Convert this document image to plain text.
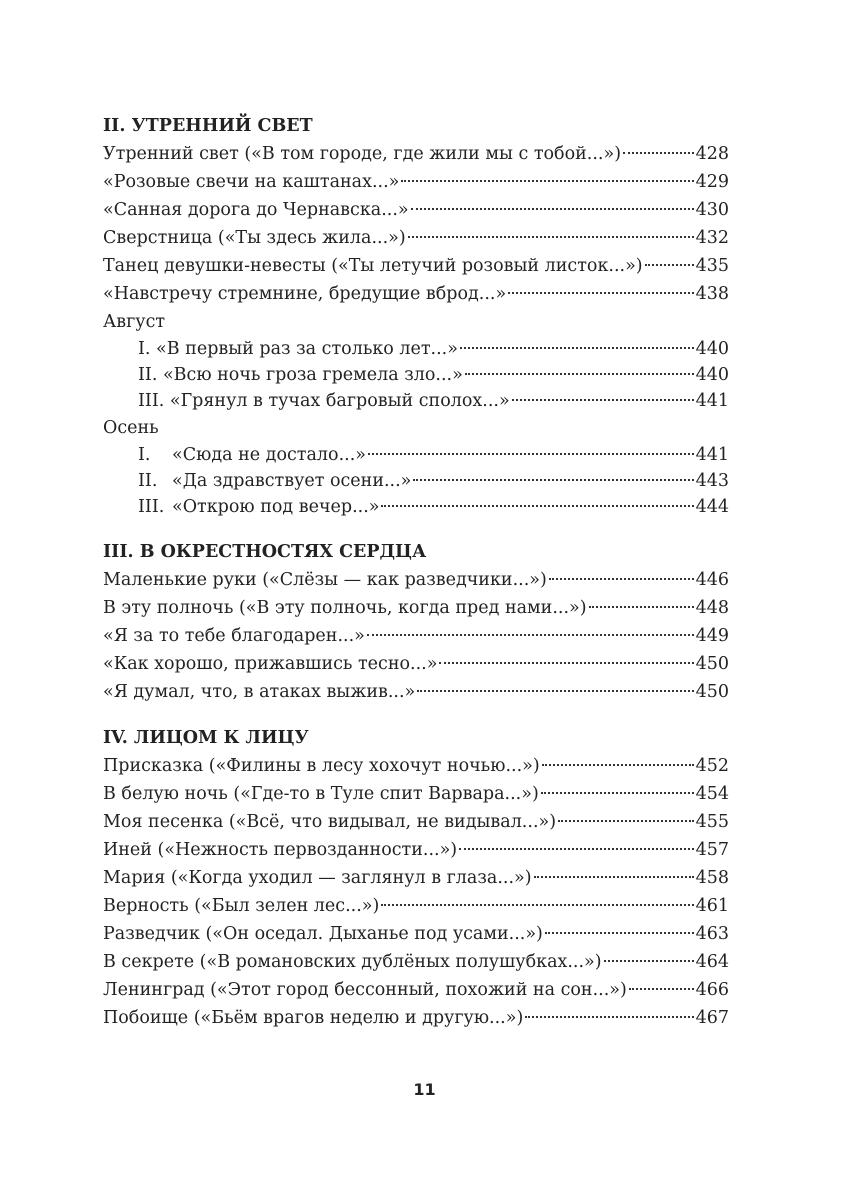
II. УТРЕННИЙ СВЕТ
Утренний свет («В том городе, где жили мы с тобой...»)	428
«Розовые свечи на каштанах...»	429
«Санная дорога до Чернавска...»	430
Сверстница («Ты здесь жила...»)	432
Танец девушки-невесты («Ты летучий розовый листок...»)	435
«Навстречу стремнине, бредущие вброд...»	438
Август
I. «В первый раз за столько лет...»	440
II. «Всю ночь гроза гремела зло...»	440
III. «Грянул в тучах багровый сполох...»	441
Осень
I. «Сюда не достало...»	441
II. «Да здравствует осени...»	443
III. «Открою под вечер...»	444
III. В ОКРЕСТНОСТЯХ СЕРДЦА
Маленькие руки («Слёзы — как разведчики...»)	446
В эту полночь («В эту полночь, когда пред нами...»)	448
«Я за то тебе благодарен...»	449
«Как хорошо, прижавшись тесно...»	450
«Я думал, что, в атаках выжив...»	450
IV. ЛИЦОМ К ЛИЦУ
Присказка («Филины в лесу хохочут ночью...»)	452
В белую ночь («Где-то в Туле спит Варвара...»)	454
Моя песенка («Всё, что видывал, не видывал...»)	455
Иней («Нежность первозданности...»)	457
Мария («Когда уходил — заглянул в глаза...»)	458
Верность («Был зелен лес...»)	461
Разведчик («Он оседал. Дыханье под усами...»)	463
В секрете («В романовских дублёных полушубках...»)	464
Ленинград («Этот город бессонный, похожий на сон...»)	466
Побоище («Бьём врагов неделю и другую...»)	467
11
